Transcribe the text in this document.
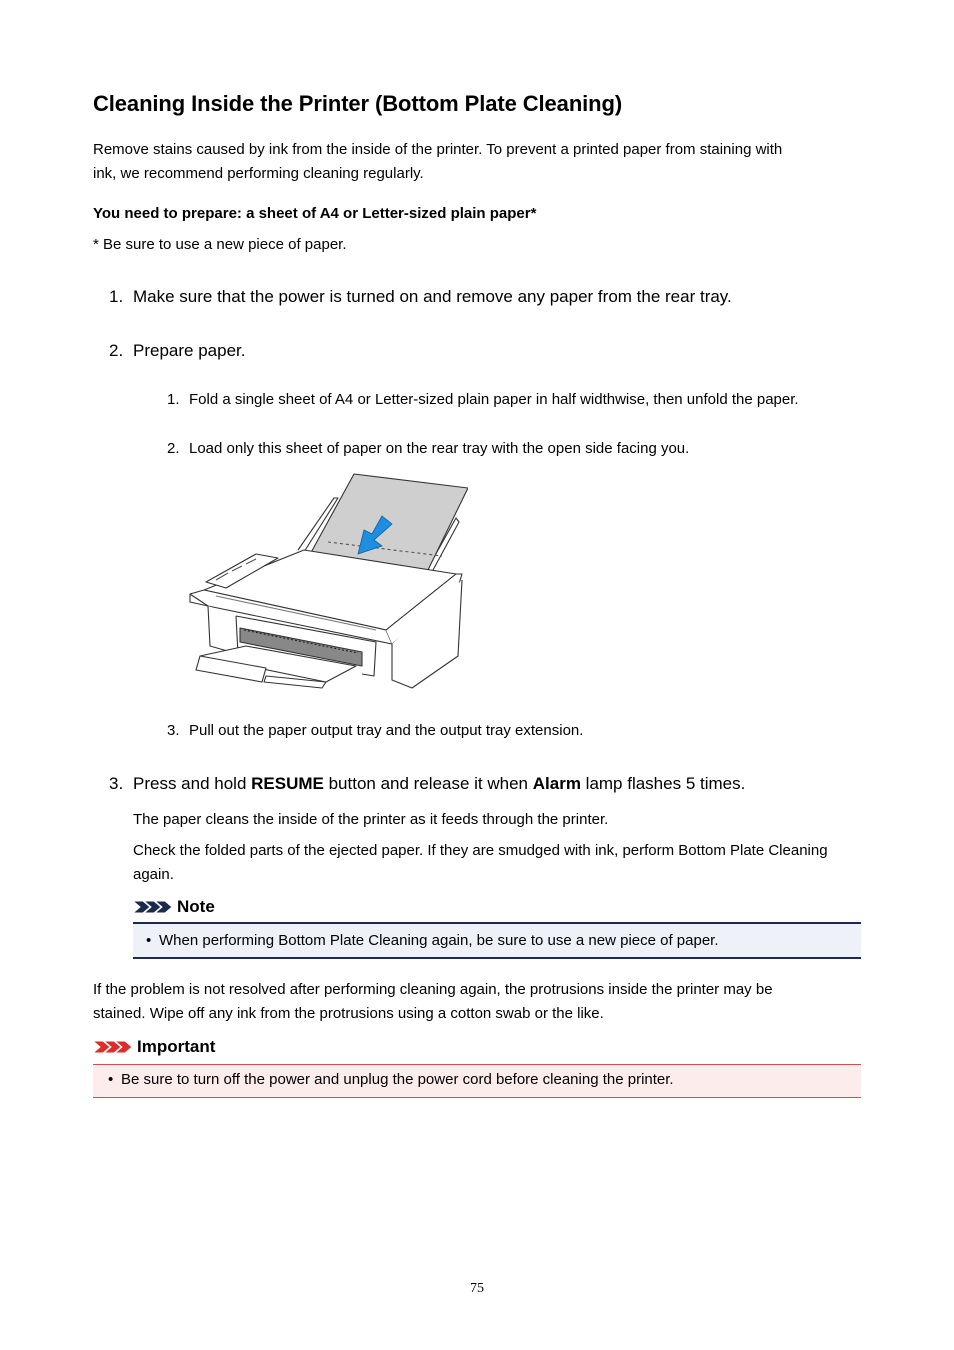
Cleaning Inside the Printer (Bottom Plate Cleaning)
Remove stains caused by ink from the inside of the printer. To prevent a printed paper from staining with
ink, we recommend performing cleaning regularly.
You need to prepare: a sheet of A4 or Letter-sized plain paper*
* Be sure to use a new piece of paper.
1. Make sure that the power is turned on and remove any paper from the rear tray.
2. Prepare paper.
1. Fold a single sheet of A4 or Letter-sized plain paper in half widthwise, then unfold the paper.
2. Load only this sheet of paper on the rear tray with the open side facing you.
3. Pull out the paper output tray and the output tray extension.
3. Press and hold RESUME button and release it when Alarm lamp flashes 5 times.
The paper cleans the inside of the printer as it feeds through the printer.
Check the folded parts of the ejected paper. If they are smudged with ink, perform Bottom Plate Cleaning
again.
Note
• When performing Bottom Plate Cleaning again, be sure to use a new piece of paper.
If the problem is not resolved after performing cleaning again, the protrusions inside the printer may be
stained. Wipe off any ink from the protrusions using a cotton swab or the like.
Important
• Be sure to turn off the power and unplug the power cord before cleaning the printer.
75
